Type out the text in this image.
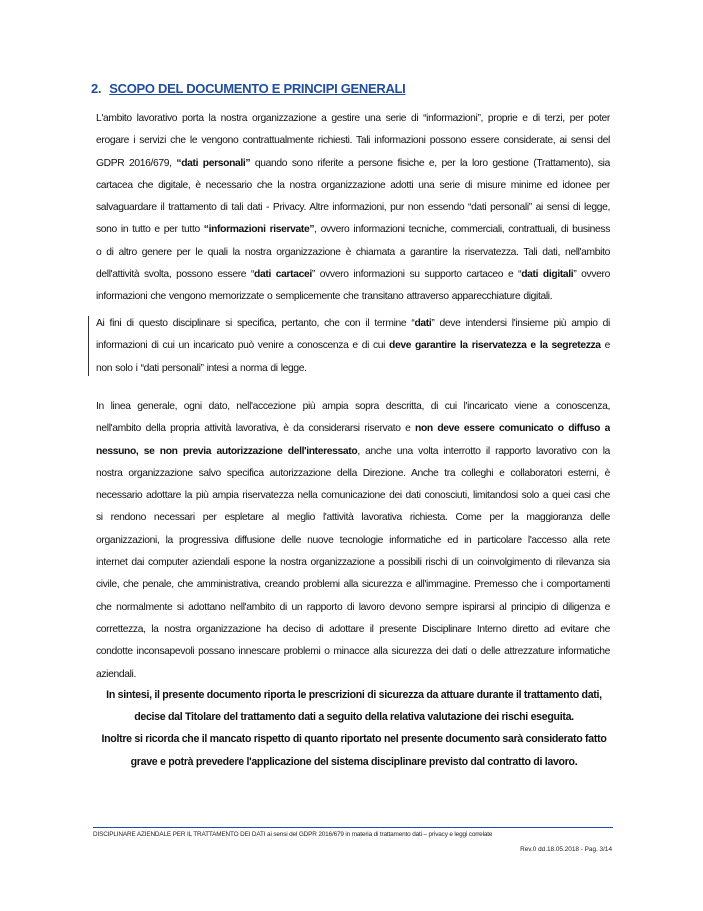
2. SCOPO DEL DOCUMENTO E PRINCIPI GENERALI
L'ambito lavorativo porta la nostra organizzazione a gestire una serie di “informazioni”, proprie e di terzi, per poter
erogare i servizi che le vengono contrattualmente richiesti. Tali informazioni possono essere considerate, ai sensi del
GDPR 2016/679, “dati personali” quando sono riferite a persone fisiche e, per la loro gestione (Trattamento), sia
cartacea che digitale, è necessario che la nostra organizzazione adotti una serie di misure minime ed idonee per
salvaguardare il trattamento di tali dati - Privacy. Altre informazioni, pur non essendo “dati personali” ai sensi di legge,
sono in tutto e per tutto “informazioni riservate”, ovvero informazioni tecniche, commerciali, contrattuali, di business
o di altro genere per le quali la nostra organizzazione è chiamata a garantire la riservatezza. Tali dati, nell'ambito
dell'attività svolta, possono essere “dati cartacei” ovvero informazioni su supporto cartaceo e “dati digitali” ovvero
informazioni che vengono memorizzate o semplicemente che transitano attraverso apparecchiature digitali.
Ai fini di questo disciplinare si specifica, pertanto, che con il termine “dati” deve intendersi l'insieme più ampio di
informazioni di cui un incaricato può venire a conoscenza e di cui deve garantire la riservatezza e la segretezza e
non solo i “dati personali” intesi a norma di legge.
In linea generale, ogni dato, nell'accezione più ampia sopra descritta, di cui l'incaricato viene a conoscenza,
nell'ambito della propria attività lavorativa, è da considerarsi riservato e non deve essere comunicato o diffuso a
nessuno, se non previa autorizzazione dell'interessato, anche una volta interrotto il rapporto lavorativo con la
nostra organizzazione salvo specifica autorizzazione della Direzione. Anche tra colleghi e collaboratori esterni, è
necessario adottare la più ampia riservatezza nella comunicazione dei dati conosciuti, limitandosi solo a quei casi che
si rendono necessari per espletare al meglio l'attività lavorativa richiesta. Come per la maggioranza delle
organizzazioni, la progressiva diffusione delle nuove tecnologie informatiche ed in particolare l'accesso alla rete
internet dai computer aziendali espone la nostra organizzazione a possibili rischi di un coinvolgimento di rilevanza sia
civile, che penale, che amministrativa, creando problemi alla sicurezza e all'immagine. Premesso che i comportamenti
che normalmente si adottano nell'ambito di un rapporto di lavoro devono sempre ispirarsi al principio di diligenza e
correttezza, la nostra organizzazione ha deciso di adottare il presente Disciplinare Interno diretto ad evitare che
condotte inconsapevoli possano innescare problemi o minacce alla sicurezza dei dati o delle attrezzature informatiche
aziendali.
In sintesi, il presente documento riporta le prescrizioni di sicurezza da attuare durante il trattamento dati,
decise dal Titolare del trattamento dati a seguito della relativa valutazione dei rischi eseguita.
Inoltre si ricorda che il mancato rispetto di quanto riportato nel presente documento sarà considerato fatto
grave e potrà prevedere l'applicazione del sistema disciplinare previsto dal contratto di lavoro.
DISCIPLINARE AZIENDALE PER IL TRATTAMENTO DEI DATI ai sensi del GDPR 2016/679 in materia di trattamento dati – privacy e leggi correlate
Rev.0 dd.18.05.2018 - Pag. 3/14
